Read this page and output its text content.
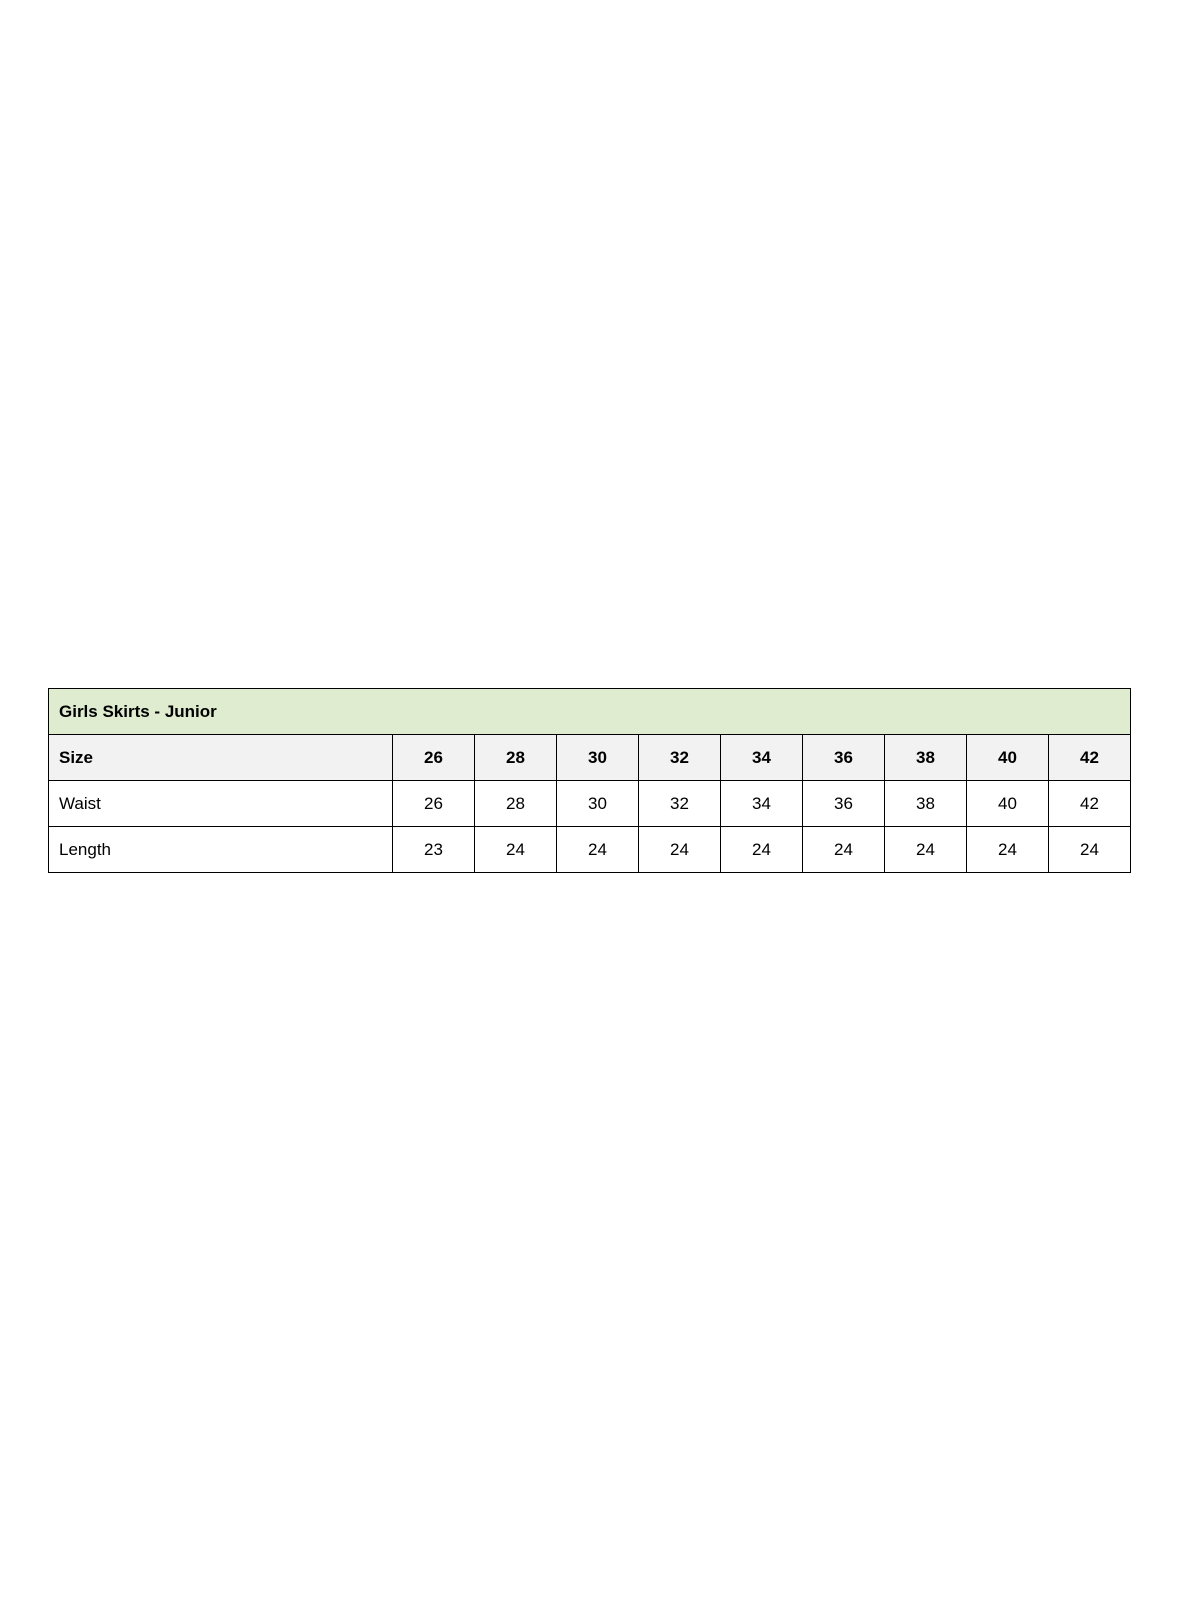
Girls Skirts - Junior									
Size	26	28	30	32	34	36	38	40	42
Waist	26	28	30	32	34	36	38	40	42
Length	23	24	24	24	24	24	24	24	24
